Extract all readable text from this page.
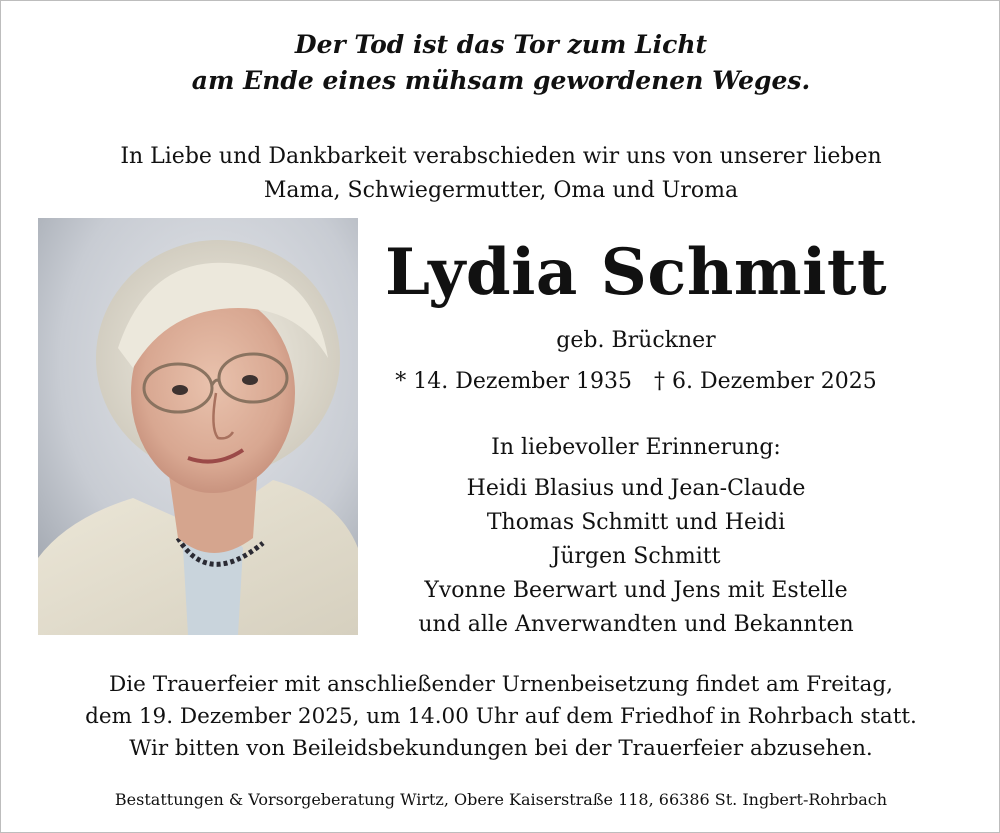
Der Tod ist das Tor zum Licht
am Ende eines mühsam gewordenen Weges.
In Liebe und Dankbarkeit verabschieden wir uns von unserer lieben
Mama, Schwiegermutter, Oma und Uroma
Lydia Schmitt
geb. Brückner
* 14. Dezember 1935 † 6. Dezember 2025
In liebevoller Erinnerung:
Heidi Blasius und Jean-Claude
Thomas Schmitt und Heidi
Jürgen Schmitt
Yvonne Beerwart und Jens mit Estelle
und alle Anverwandten und Bekannten
Die Trauerfeier mit anschließender Urnenbeisetzung findet am Freitag,
dem 19. Dezember 2025, um 14.00 Uhr auf dem Friedhof in Rohrbach statt.
Wir bitten von Beileidsbekundungen bei der Trauerfeier abzusehen.
Bestattungen & Vorsorgeberatung Wirtz, Obere Kaiserstraße 118, 66386 St. Ingbert-Rohrbach
